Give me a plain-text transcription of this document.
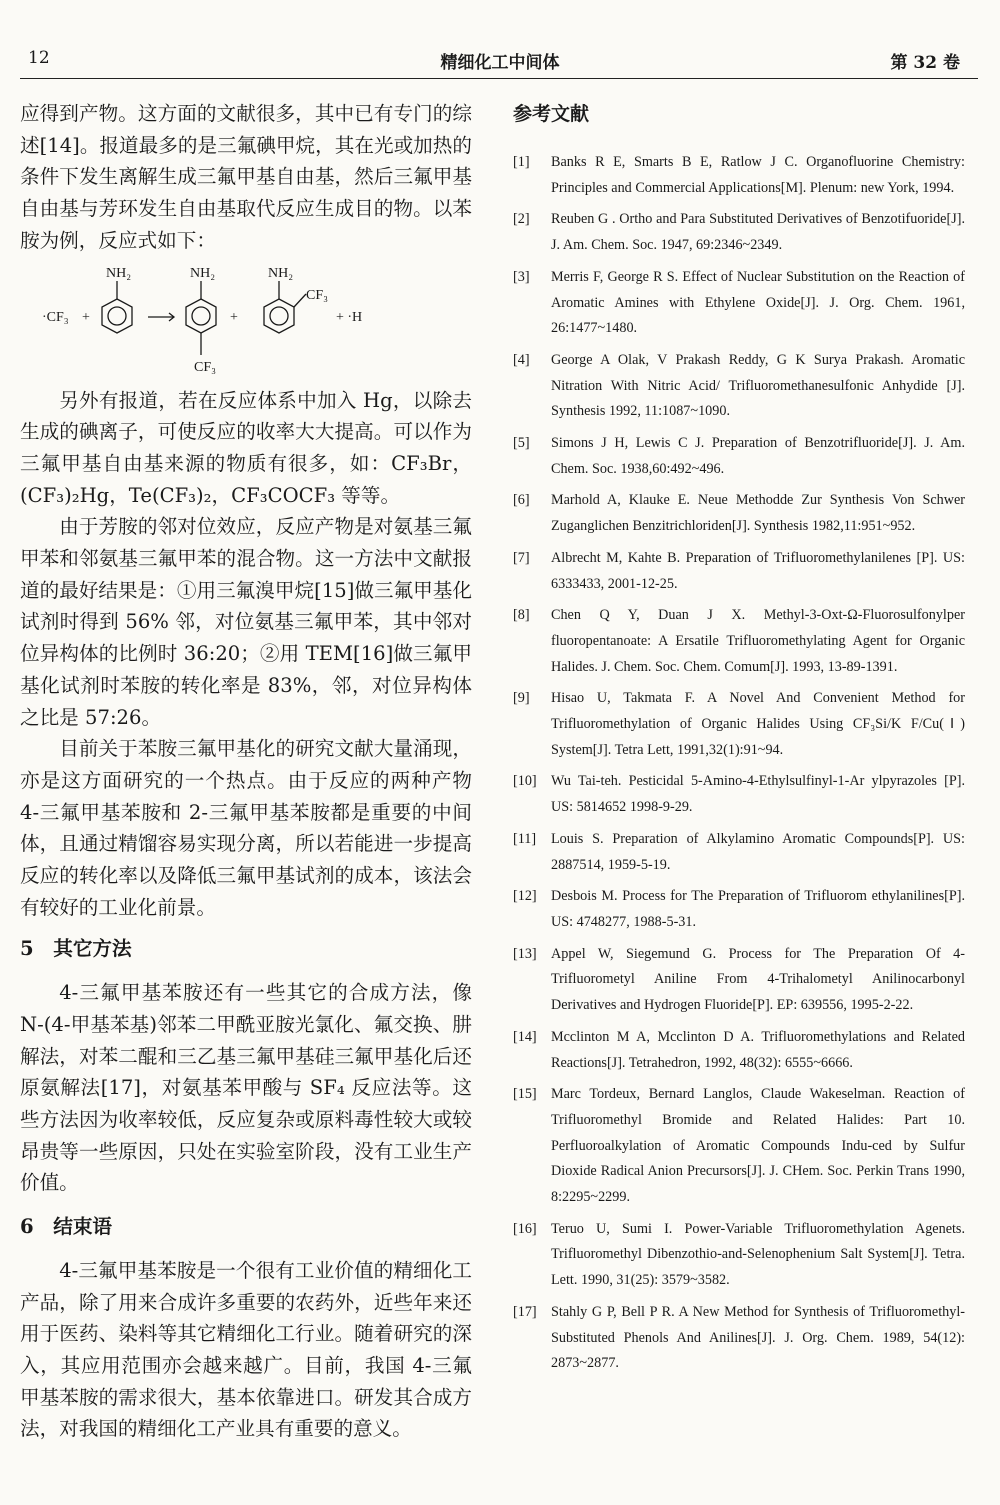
12	精细化工中间体	第 32 卷

应得到产物。这方面的文献很多，其中已有专门的综述[14]。报道最多的是三氟碘甲烷，其在光或加热的条件下发生离解生成三氟甲基自由基，然后三氟甲基自由基与芳环发生自由基取代反应生成目的物。以苯胺为例，反应式如下：

·CF₃ +
NH₂	NH₂
CF₃
+
NH₂
CF₃
+ ·H

另外有报道，若在反应体系中加入 Hg，以除去生成的碘离子，可使反应的收率大大提高。可以作为三氟甲基自由基来源的物质有很多，如：CF₃Br，(CF₃)₂Hg，Te(CF₃)₂，CF₃COCF₃ 等等。

由于芳胺的邻对位效应，反应产物是对氨基三氟甲苯和邻氨基三氟甲苯的混合物。这一方法中文献报道的最好结果是：①用三氟溴甲烷[15]做三氟甲基化试剂时得到 56% 邻，对位氨基三氟甲苯，其中邻对位异构体的比例时 36:20；②用 TEM[16]做三氟甲基化试剂时苯胺的转化率是 83%，邻，对位异构体之比是 57:26。

目前关于苯胺三氟甲基化的研究文献大量涌现，亦是这方面研究的一个热点。由于反应的两种产物 4-三氟甲基苯胺和 2-三氟甲基苯胺都是重要的中间体，且通过精馏容易实现分离，所以若能进一步提高反应的转化率以及降低三氟甲基试剂的成本，该法会有较好的工业化前景。

5　其它方法

4-三氟甲基苯胺还有一些其它的合成方法，像 N-(4-甲基苯基)邻苯二甲酰亚胺光氯化、氟交换、肼解法，对苯二醌和三乙基三氟甲基硅三氟甲基化后还原氨解法[17]，对氨基苯甲酸与 SF₄ 反应法等。这些方法因为收率较低，反应复杂或原料毒性较大或较昂贵等一些原因，只处在实验室阶段，没有工业生产价值。

6　结束语

4-三氟甲基苯胺是一个很有工业价值的精细化工产品，除了用来合成许多重要的农药外，近些年来还用于医药、染料等其它精细化工行业。随着研究的深入，其应用范围亦会越来越广。目前，我国 4-三氟甲基苯胺的需求很大，基本依靠进口。研发其合成方法，对我国的精细化工产业具有重要的意义。

参考文献
[1] Banks R E, Smarts B E, Ratlow J C. Organofluorine Chemistry: Principles and Commercial Applications[M]. Plenum: new York, 1994.
[2] Reuben G . Ortho and Para Substituted Derivatives of Benzotifuoride[J]. J. Am. Chem. Soc. 1947, 69:2346~2349.
[3] Merris F, George R S. Effect of Nuclear Substitution on the Reaction of Aromatic Amines with Ethylene Oxide[J]. J. Org. Chem. 1961, 26:1477~1480.
[4] George A Olak, V Prakash Reddy, G K Surya Prakash. Aromatic Nitration With Nitric Acid/ Trifluoromethanesulfonic Anhydide [J]. Synthesis 1992, 11:1087~1090.
[5] Simons J H, Lewis C J. Preparation of Benzotrifluoride[J]. J. Am. Chem. Soc. 1938,60:492~496.
[6] Marhold A, Klauke E. Neue Methodde Zur Synthesis Von Schwer Zuganglichen Benzitrichloriden[J]. Synthesis 1982,11:951~952.
[7] Albrecht M, Kahte B. Preparation of Trifluoromethylanilenes [P]. US: 6333433, 2001-12-25.
[8] Chen Q Y, Duan J X. Methyl-3-Oxt-Ω-Fluorosulfonylper fluoropentanoate: A Ersatile Trifluoromethylating Agent for Organic Halides. J. Chem. Soc. Chem. Comum[J]. 1993, 13-89-1391.
[9] Hisao U, Takmata F. A Novel And Convenient Method for Trifluoromethylation of Organic Halides Using CF₃Si/K F/Cu(Ⅰ) System[J]. Tetra Lett, 1991,32(1):91~94.
[10] Wu Tai-teh. Pesticidal 5-Amino-4-Ethylsulfinyl-1-Ar ylpyrazoles [P]. US: 5814652 1998-9-29.
[11] Louis S. Preparation of Alkylamino Aromatic Compounds[P]. US: 2887514, 1959-5-19.
[12] Desbois M. Process for The Preparation of Trifluorom ethylanilines[P]. US: 4748277, 1988-5-31.
[13] Appel W, Siegemund G. Process for The Preparation Of 4-Trifluorometyl Aniline From 4-Trihalometyl Anilinocarbonyl Derivatives and Hydrogen Fluoride[P]. EP: 639556, 1995-2-22.
[14] Mcclinton M A, Mcclinton D A. Trifluoromethylations and Related Reactions[J]. Tetrahedron, 1992, 48(32): 6555~6666.
[15] Marc Tordeux, Bernard Langlos, Claude Wakeselman. Reaction of Trifluoromethyl Bromide and Related Halides: Part 10. Perfluoroalkylation of Aromatic Compounds Indu-ced by Sulfur Dioxide Radical Anion Precursors[J]. J. CHem. Soc. Perkin Trans 1990, 8:2295~2299.
[16] Teruo U, Sumi I. Power-Variable Trifluoromethylation Agenets. Trifluoromethyl Dibenzothio-and-Selenophenium Salt System[J]. Tetra. Lett. 1990, 31(25): 3579~3582.
[17] Stahly G P, Bell P R. A New Method for Synthesis of Trifluoromethyl-Substituted Phenols And Anilines[J]. J. Org. Chem. 1989, 54(12): 2873~2877.
